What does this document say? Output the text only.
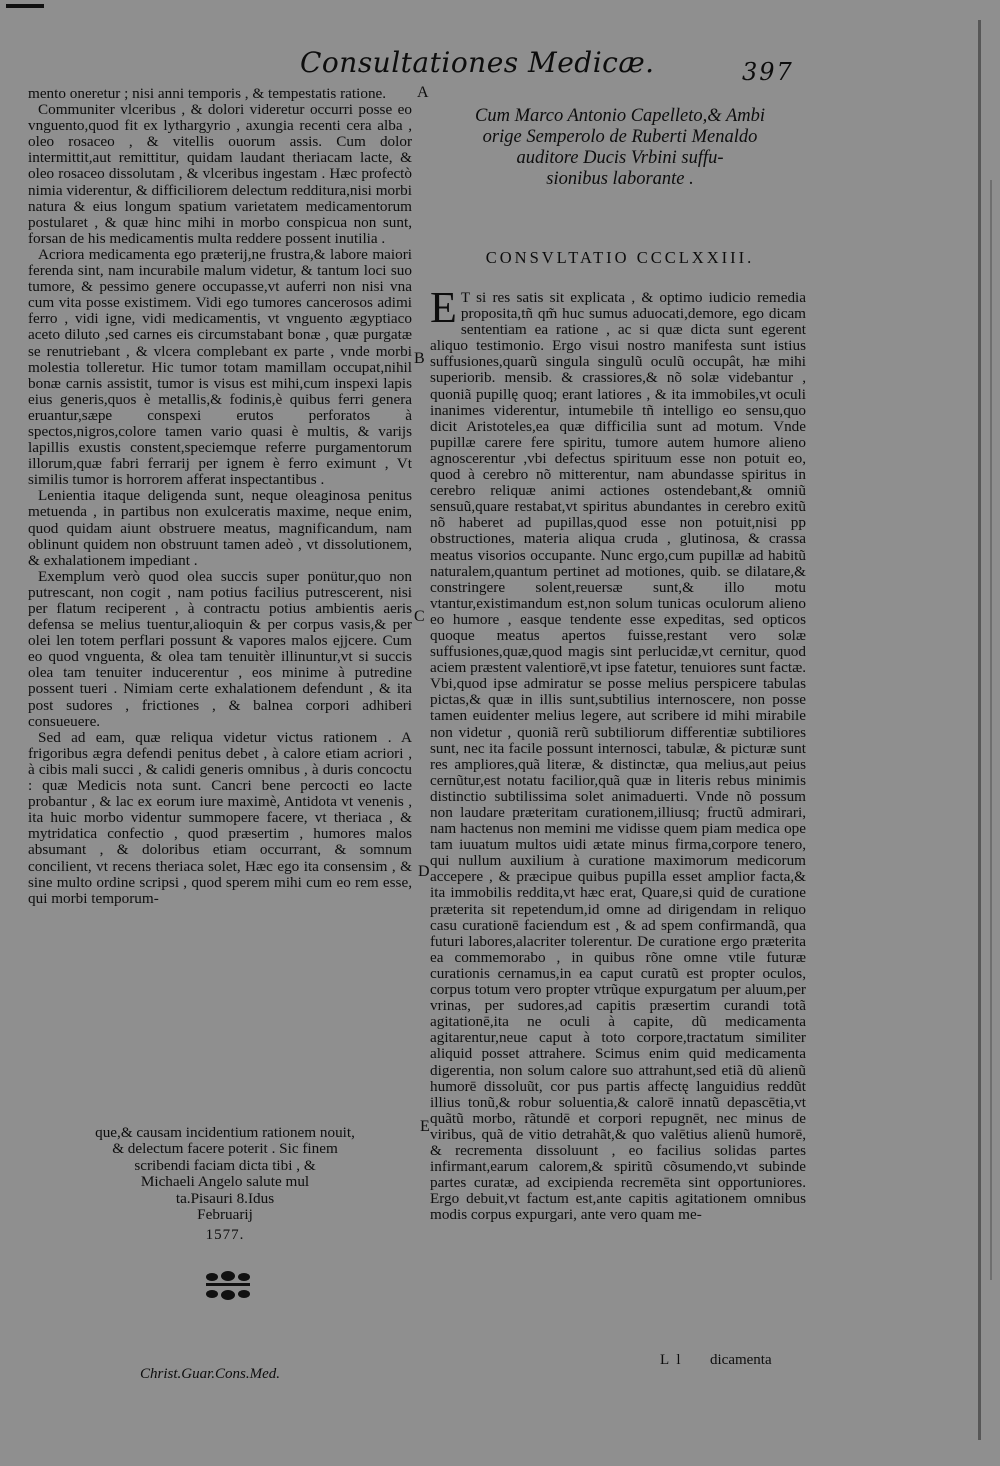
Consultationes Medicæ.	397

mento oneretur ; nisi anni temporis , & tempestatis ratione.

Communiter vlceribus , & dolori videretur occurri posse eo vnguento,quod fit ex lythargyrio , axungia recenti cera alba , oleo rosaceo , & vitellis ouorum assis. Cum dolor intermittit,aut remittitur, quidam laudant theriacam lacte, & oleo rosaceo dissolutam , & vlceribus ingestam . Hæc profectò nimia viderentur, & difficiliorem delectum redditura,nisi morbi natura & eius longum spatium varietatem medicamentorum postularet , & quæ hinc mihi in morbo conspicua non sunt, forsan de his medicamentis multa reddere possent inutilia .

Acriora medicamenta ego præterij,ne frustra,& labore maiori ferenda sint, nam incurabile malum videtur, & tantum loci suo tumore, & pessimo genere occupasse,vt auferri non nisi vna cum vita posse existimem. Vidi ego tumores cancerosos adimi ferro , vidi igne, vidi medicamentis, vt vnguento ægyptiaco aceto diluto ,sed carnes eis circumstabant bonæ , quæ purgatæ se renutriebant , & vlcera complebant ex parte , vnde morbi molestia tolleretur. Hic tumor totam mamillam occupat,nihil bonæ carnis assistit, tumor is visus est mihi,cum inspexi lapis eius generis,quos è metallis,& fodinis,è quibus ferri genera eruantur,sæpe conspexi erutos perforatos à spectos,nigros,colore tamen vario quasi è multis, & varijs lapillis exustis constent,speciemque referre purgamentorum illorum,quæ fabri ferrarij per ignem è ferro eximunt , Vt similis tumor is horrorem afferat inspectantibus .

Lenientia itaque deligenda sunt, neque oleaginosa penitus metuenda , in partibus non exulceratis maxime, neque enim, quod quidam aiunt obstruere meatus, magnificandum, nam oblinunt quidem non obstruunt tamen adeò , vt dissolutionem, & exhalationem impediant .

Exemplum verò quod olea succis super ponütur,quo non putrescant, non cogit , nam potius facilius putrescerent, nisi per flatum reciperent , à contractu potius ambientis aeris defensa se melius tuentur,alioquin & per corpus vasis,& per olei len totem perflari possunt & vapores malos ejjcere. Cum eo quod vnguenta, & olea tam tenuitèr illinuntur,vt si succis olea tam tenuiter inducerentur , eos minime à putredine possent tueri . Nimiam certe exhalationem defendunt , & ita post sudores , frictiones , & balnea corpori adhiberi consueuere.

Sed ad eam, quæ reliqua videtur victus rationem . A frigoribus ægra defendi penitus debet , à calore etiam acriori , à cibis mali succi , & calidi generis omnibus , à duris concoctu : quæ Medicis nota sunt. Cancri bene percocti eo lacte probantur , & lac ex eorum iure maximè, Antidota vt venenis , ita huic morbo videntur summopere facere, vt theriaca , & mytridatica confectio , quod præsertim , humores malos absumant , & doloribus etiam occurrant, & somnum concilient, vt recens theriaca solet, Hæc ego ita consensim , & sine multo ordine scripsi , quod sperem mihi cum eo rem esse, qui morbi temporum-

que,& causam incidentium rationem nouit,
& delectum facere poterit . Sic finem
scribendi faciam dicta tibi , &
Michaeli Angelo salute mul
ta.Pisauri 8.Idus
Februarij
1577.
Christ.Guar.Cons.Med.
Cum Marco Antonio Capelleto,& Ambi
orige Semperolo de Ruberti Menaldo
auditore Ducis Vrbini suffu-
sionibus laborante .
CONSVLTATIO CCCLXXIII.

E T si res satis sit explicata , & optimo iudicio remedia proposita,tñ qm̃ huc sumus aduocati,demore, ego dicam sententiam ea ratione , ac si quæ dicta sunt egerent aliquo testimonio. Ergo visui nostro manifesta sunt istius suffusiones,quarũ singula singulũ oculũ occupât, hæ mihi superiorib. mensib. & crassiores,& nõ solæ videbantur , quoniã pupillę quoq; erant latiores , & ita immobiles,vt oculi inanimes viderentur, intumebile tñ intelligo eo sensu,quo dicit Aristoteles,ea quæ difficilia sunt ad motum. Vnde pupillæ carere fere spiritu, tumore autem humore alieno agnoscerentur ,vbi defectus spirituum esse non potuit eo, quod à cerebro nõ mitterentur, nam abundasse spiritus in cerebro reliquæ animi actiones ostendebant,& omniũ sensuũ,quare restabat,vt spiritus abundantes in cerebro exitũ nõ haberet ad pupillas,quod esse non potuit,nisi pp obstructiones, materia aliqua cruda , glutinosa, & crassa meatus visorios occupante. Nunc ergo,cum pupillæ ad habitũ naturalem,quantum pertinet ad motiones, quib. se dilatare,& constringere solent,reuersæ sunt,& illo motu vtantur,existimandum est,non solum tunicas oculorum alieno eo humore , easque tendente esse expeditas, sed opticos quoque meatus apertos fuisse,restant vero solæ suffusiones,quæ,quod magis sint perlucidæ,vt cernitur, quod aciem præstent valentiorē,vt ipse fatetur, tenuiores sunt factæ. Vbi,quod ipse admiratur se posse melius perspicere tabulas pictas,& quæ in illis sunt,subtilius internoscere, non posse tamen euidenter melius legere, aut scribere id mihi mirabile non videtur , quoniã rerũ subtiliorum differentiæ subtiliores sunt, nec ita facile possunt internosci, tabulæ, & picturæ sunt res ampliores,quã literæ, & distinctæ, qua melius,aut peius cernũtur,est notatu facilior,quã quæ in literis rebus minimis distinctio subtilissima solet animaduerti. Vnde nõ possum non laudare præteritam curationem,illiusq; fructũ admirari, nam hactenus non memini me vidisse quem piam medica ope tam iuuatum multos uidi ætate minus firma,corpore tenero, qui nullum auxilium à curatione maximorum medicorum accepere , & præcipue quibus pupilla esset amplior facta,& ita immobilis reddita,vt hæc erat, Quare,si quid de curatione præterita sit repetendum,id omne ad dirigendam in reliquo casu curationē faciendum est , & ad spem confirmandã, qua futuri labores,alacriter tolerentur. De curatione ergo præterita ea commemorabo , in quibus rõne omne vtile futuræ curationis cernamus,in ea caput curatũ est propter oculos, corpus totum vero propter vtrũque expurgatum per aluum,per vrinas, per sudores,ad capitis præsertim curandi totã agitationē,ita ne oculi à capite, dũ medicamenta agitarentur,neue caput à toto corpore,tractatum similiter aliquid posset attrahere. Scimus enim quid medicamenta digerentia, non solum calore suo attrahunt,sed etiã dũ alienũ humorē dissoluũt, cor pus partis affectę languidius reddũt illius tonũ,& robur soluentia,& calorē innatũ depascētia,vt quãtũ morbo, rãtundē et corpori repugnēt, nec minus de viribus, quã de vitio detrahãt,& quo valētius alienũ humorē, & recrementa dissoluunt , eo facilius solidas partes infirmant,earum calorem,& spiritũ cõsumendo,vt subinde partes curatæ, ad excipienda recremēta sint opportuniores. Ergo debuit,vt factum est,ante capitis agitationem omnibus modis corpus expurgari, ante vero quam me-

L l dicamenta
A
B
C
D
E
